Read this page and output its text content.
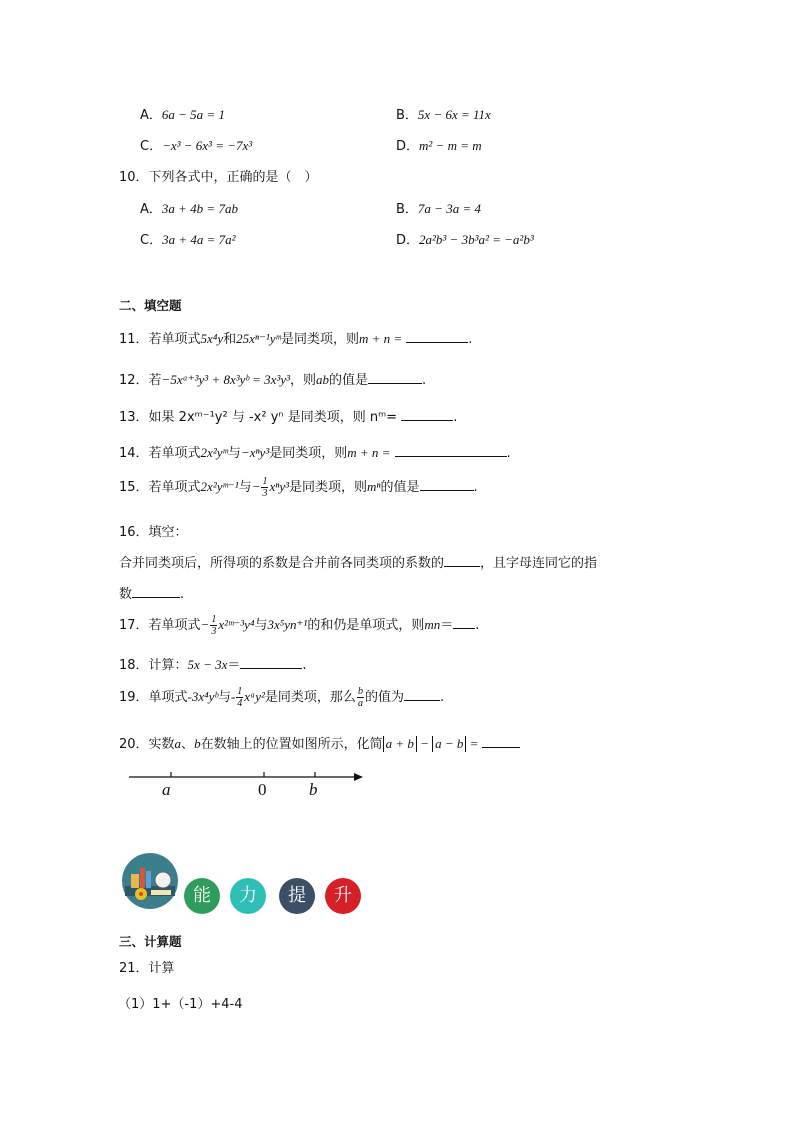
A．6a − 5a = 1	B．5x − 6x = 11x
C．−x³ − 6x³ = −7x³	D．m² − m = m
10．下列各式中，正确的是（　）
A．3a + 4b = 7ab	B．7a − 3a = 4
C．3a + 4a = 7a²	D．2a²b³ − 3b³a² = −a²b³
二、填空题
11．若单项式5x⁴y和25xⁿ⁻¹yᵐ是同类项，则m + n =	.
12．若−5xᵃ⁺³y³ + 8x³yᵇ = 3x³y³，则ab的值是	.
13．如果 2xᵐ⁻¹y² 与 -x² yⁿ 是同类项，则 nᵐ=	.
14．若单项式2x²yᵐ与−xⁿy³是同类项，则m + n =	.
15．若单项式2x²yᵐ⁻¹与− $\frac{1}{3} x^ny^3$是同类项，则mⁿ的值是	.
16．填空：
合并同类项后，所得项的系数是合并前各同类项的系数的	，且字母连同它的指
数	.
17．若单项式− $\frac{1}{3}$ x²ᵐ⁻³y⁴与3x⁵yn⁺¹的和仍是单项式，则mn＝ .
18．计算：5x − 3x＝	.
19．单项式-3x⁴yᵇ与- $\frac{1}{4}$ xᵃy²是同类项，那么 $\frac{b}{a}$ 的值为	.
20．实数a、b在数轴上的位置如图所示，化简 a + b − a − b =
a	0	b
能	力	提	升
三、计算题
21．计算
（1）1+（-1）+4-4
